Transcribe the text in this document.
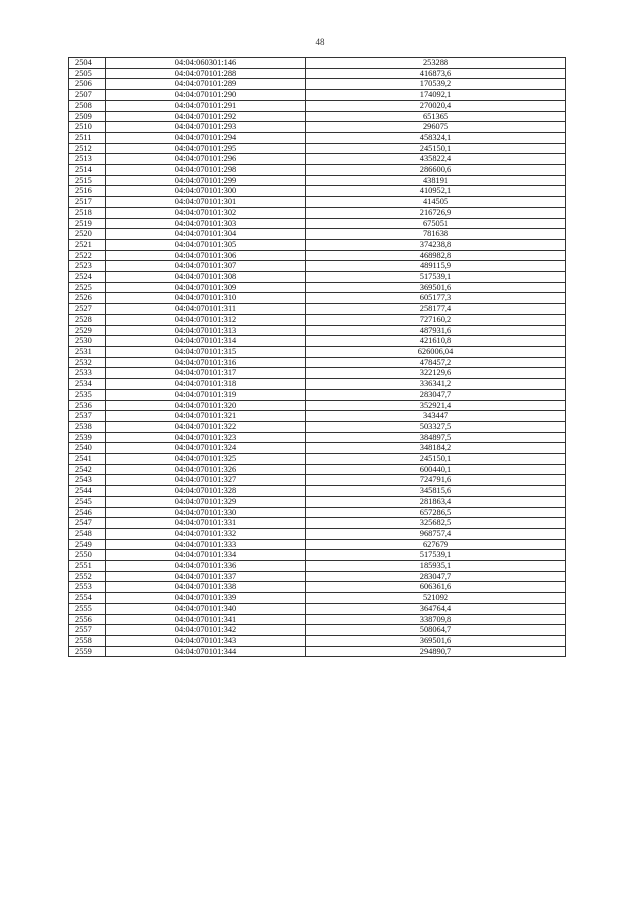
48
2504	04:04:060301:146	253288
2505	04:04:070101:288	416873,6
2506	04:04:070101:289	170539,2
2507	04:04:070101:290	174092,1
2508	04:04:070101:291	270020,4
2509	04:04:070101:292	651365
2510	04:04:070101:293	296075
2511	04:04:070101:294	458324,1
2512	04:04:070101:295	245150,1
2513	04:04:070101:296	435822,4
2514	04:04:070101:298	286600,6
2515	04:04:070101:299	438191
2516	04:04:070101:300	410952,1
2517	04:04:070101:301	414505
2518	04:04:070101:302	216726,9
2519	04:04:070101:303	675051
2520	04:04:070101:304	781638
2521	04:04:070101:305	374238,8
2522	04:04:070101:306	468982,8
2523	04:04:070101:307	489115,9
2524	04:04:070101:308	517539,1
2525	04:04:070101:309	369501,6
2526	04:04:070101:310	605177,3
2527	04:04:070101:311	258177,4
2528	04:04:070101:312	727160,2
2529	04:04:070101:313	487931,6
2530	04:04:070101:314	421610,8
2531	04:04:070101:315	626006,04
2532	04:04:070101:316	478457,2
2533	04:04:070101:317	322129,6
2534	04:04:070101:318	336341,2
2535	04:04:070101:319	283047,7
2536	04:04:070101:320	352921,4
2537	04:04:070101:321	343447
2538	04:04:070101:322	503327,5
2539	04:04:070101:323	384897,5
2540	04:04:070101:324	348184,2
2541	04:04:070101:325	245150,1
2542	04:04:070101:326	600440,1
2543	04:04:070101:327	724791,6
2544	04:04:070101:328	345815,6
2545	04:04:070101:329	281863,4
2546	04:04:070101:330	657286,5
2547	04:04:070101:331	325682,5
2548	04:04:070101:332	968757,4
2549	04:04:070101:333	627679
2550	04:04:070101:334	517539,1
2551	04:04:070101:336	185935,1
2552	04:04:070101:337	283047,7
2553	04:04:070101:338	606361,6
2554	04:04:070101:339	521092
2555	04:04:070101:340	364764,4
2556	04:04:070101:341	338709,8
2557	04:04:070101:342	508064,7
2558	04:04:070101:343	369501,6
2559	04:04:070101:344	294890,7
